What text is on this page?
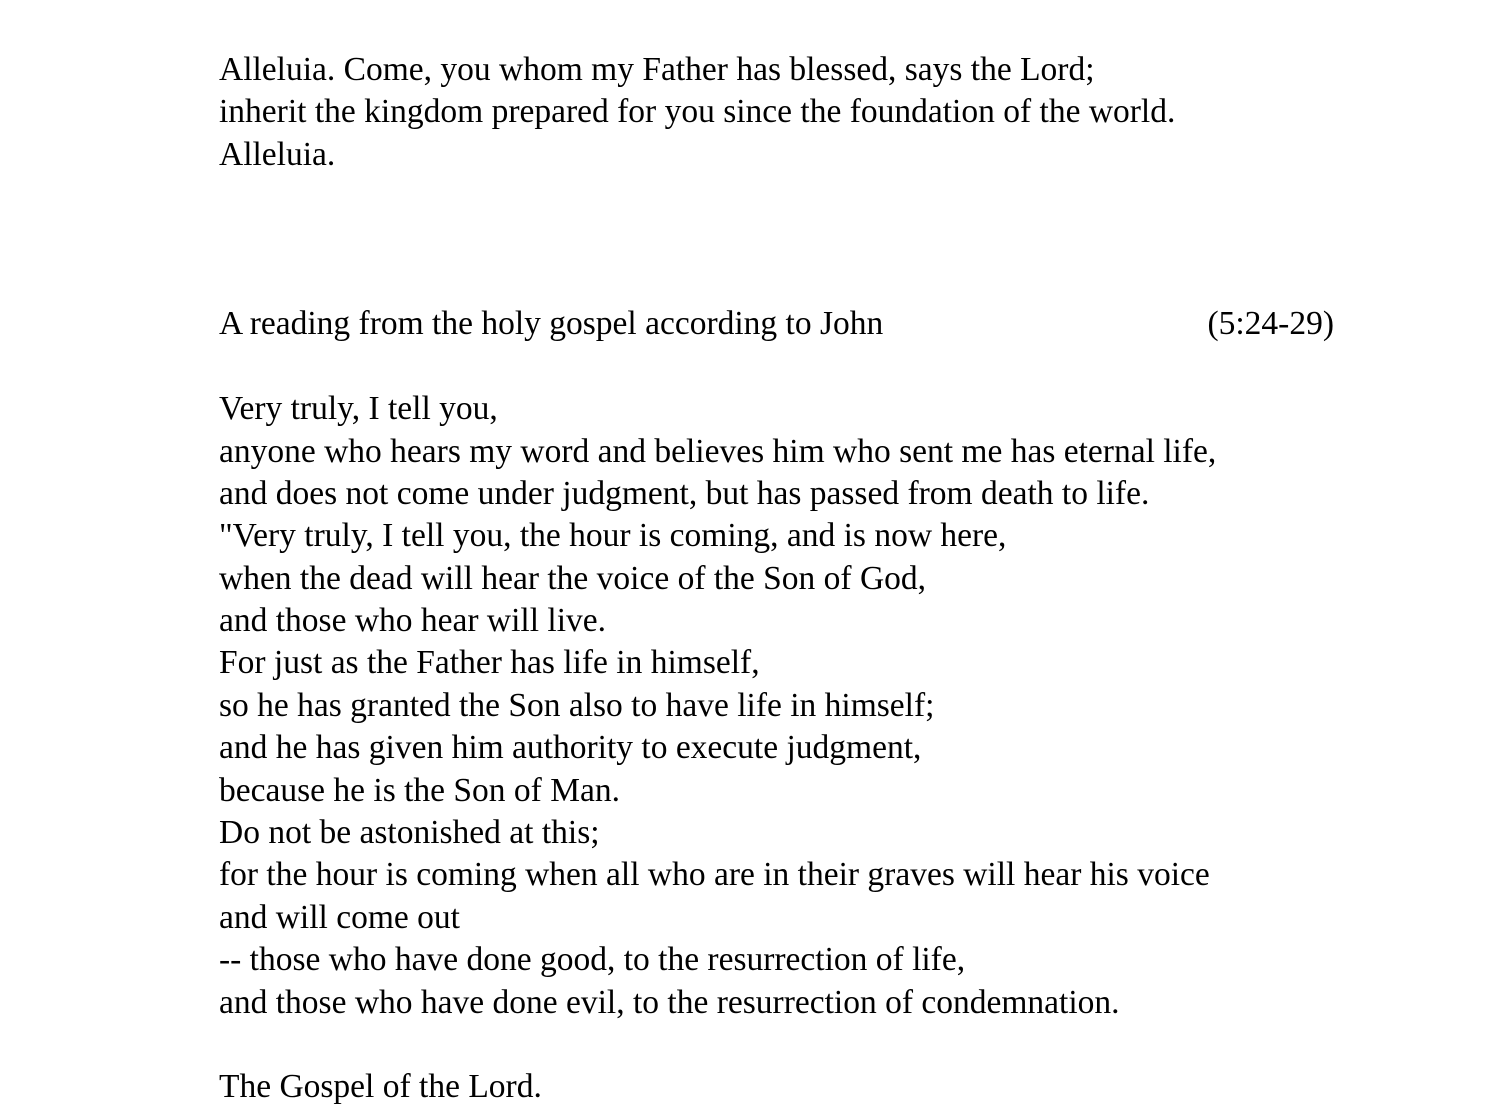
Alleluia. Come, you whom my Father has blessed, says the Lord;
inherit the kingdom prepared for you since the foundation of the world.
Alleluia.
A reading from the holy gospel according to John	(5:24-29)
Very truly, I tell you,
anyone who hears my word and believes him who sent me has eternal life,
and does not come under judgment, but has passed from death to life.
"Very truly, I tell you, the hour is coming, and is now here,
when the dead will hear the voice of the Son of God,
and those who hear will live.
For just as the Father has life in himself,
so he has granted the Son also to have life in himself;
and he has given him authority to execute judgment,
because he is the Son of Man.
Do not be astonished at this;
for the hour is coming when all who are in their graves will hear his voice
and will come out
-- those who have done good, to the resurrection of life,
and those who have done evil, to the resurrection of condemnation.
The Gospel of the Lord.
